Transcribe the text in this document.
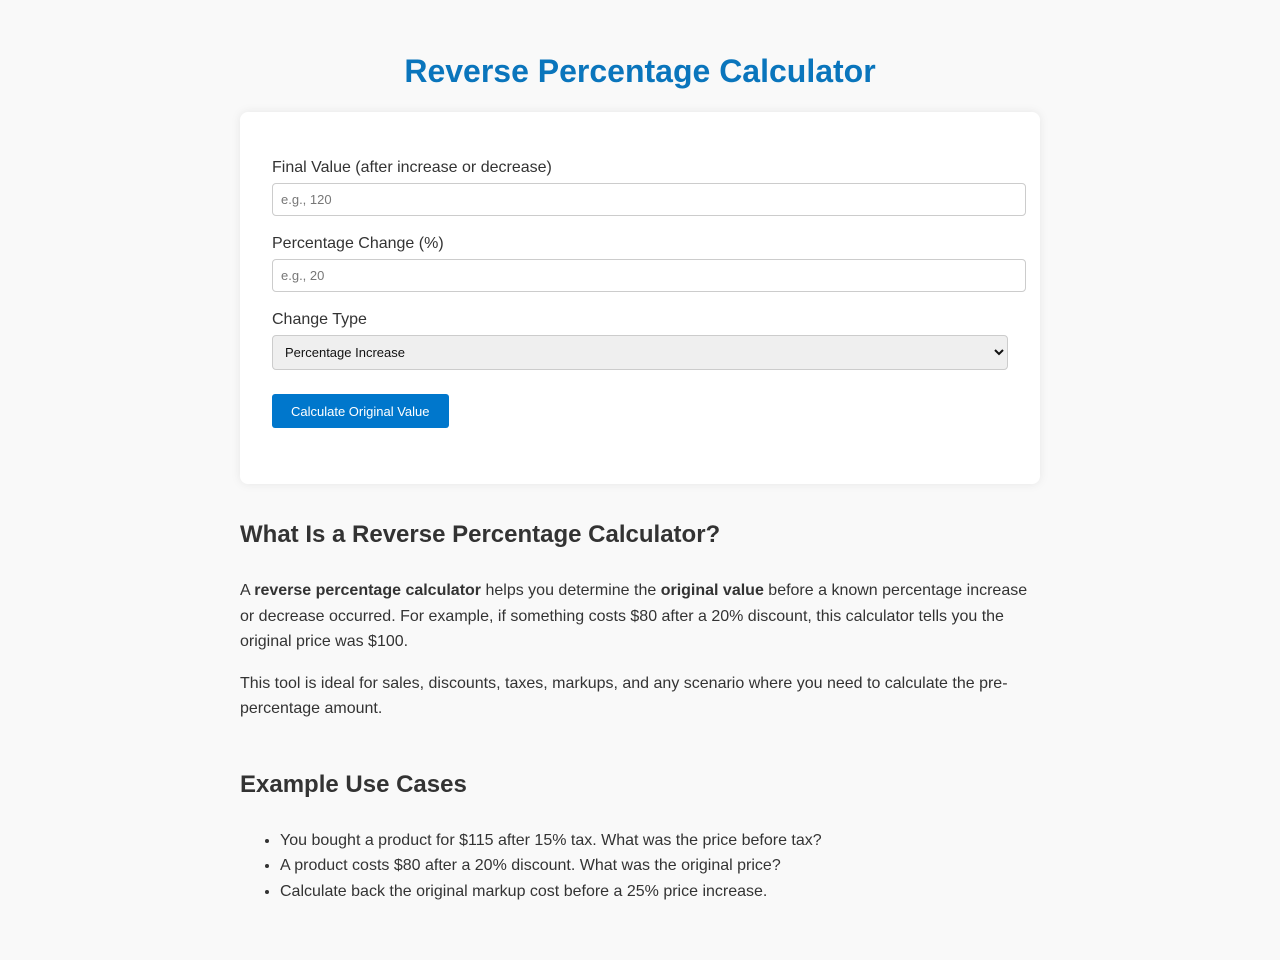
Reverse Percentage Calculator
Final Value (after increase or decrease)
e.g., 120
Percentage Change (%)
e.g., 20
Change Type
Percentage Increase
Calculate Original Value
What Is a Reverse Percentage Calculator?

A reverse percentage calculator helps you determine the original value before a known percentage increase or decrease occurred. For example, if something costs $80 after a 20% discount, this calculator tells you the original price was $100.

This tool is ideal for sales, discounts, taxes, markups, and any scenario where you need to calculate the pre-percentage amount.

Example Use Cases
• You bought a product for $115 after 15% tax. What was the price before tax?
• A product costs $80 after a 20% discount. What was the original price?
• Calculate back the original markup cost before a 25% price increase.
